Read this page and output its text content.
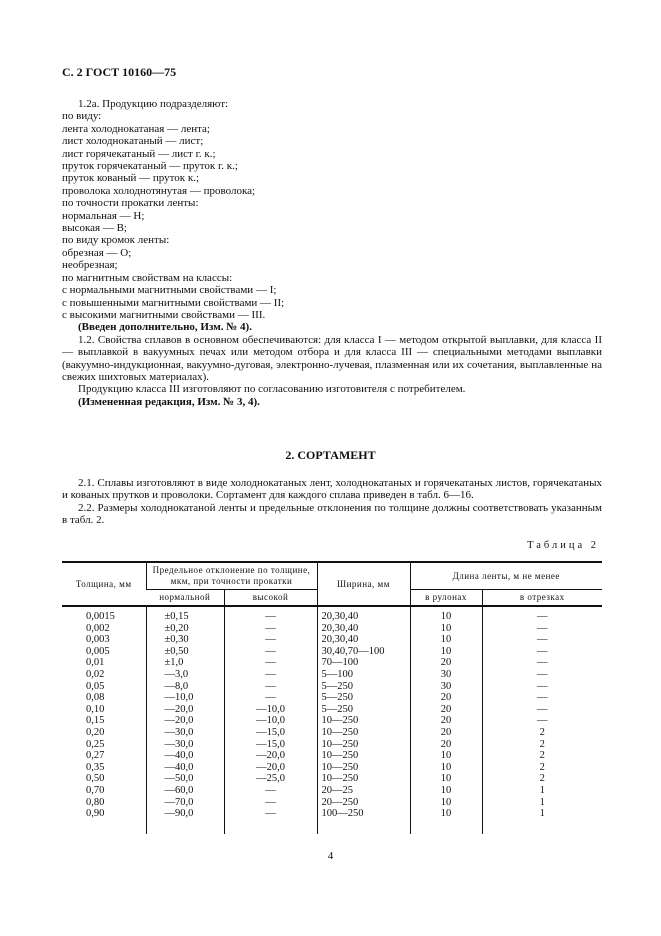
С. 2 ГОСТ 10160—75

1.2а. Продукцию подразделяют:

по виду:

лента холоднокатаная — лента;

лист холоднокатаный — лист;

лист горячекатаный — лист г. к.;

пруток горячекатаный — пруток г. к.;

пруток кованый — пруток к.;

проволока холоднотянутая — проволока;

по точности прокатки ленты:

нормальная — Н;

высокая — В;

по виду кромок ленты:

обрезная — О;

необрезная;

по магнитным свойствам на классы:

с нормальными магнитными свойствами — I;

с повышенными магнитными свойствами — II;

с высокими магнитными свойствами — III.

(Введен дополнительно, Изм. № 4).

1.2. Свойства сплавов в основном обеспечиваются: для класса I — методом открытой выплавки, для класса II — выплавкой в вакуумных печах или методом отбора и для класса III — специальными методами выплавки (вакуумно-индукционная, вакуумно-дуговая, электронно-лучевая, плазменная или их сочетания, выплавленные на свежих шихтовых материалах).

Продукцию класса III изготовляют по согласованию изготовителя с потребителем.

(Измененная редакция, Изм. № 3, 4).

2. СОРТАМЕНТ

2.1. Сплавы изготовляют в виде холоднокатаных лент, холоднокатаных и горячекатаных листов, горячекатаных и кованых прутков и проволоки. Сортамент для каждого сплава приведен в табл. 6—16.

2.2. Размеры холоднокатаной ленты и предельные отклонения по толщине должны соответствовать указанным в табл. 2.

Таблица 2
Толщина, мм	Предельное отклонение по толщине, мкм, при точности прокатки		Ширина, мм	Длина ленты, м не менее	
	нормальной	высокой		в рулонах	в отрезках
0,0015	±0,15	—	20,30,40	10	—
0,002	±0,20	—	20,30,40	10	—
0,003	±0,30	—	20,30,40	10	—
0,005	±0,50	—	30,40,70—100	10	—
0,01	±1,0	—	70—100	20	—
0,02	—3,0	—	5—100	30	—
0,05	—8,0	—	5—250	30	—
0,08	—10,0	—	5—250	20	—
0,10	—20,0	—10,0	5—250	20	—
0,15	—20,0	—10,0	10—250	20	—
0,20	—30,0	—15,0	10—250	20	2
0,25	—30,0	—15,0	10—250	20	2
0,27	—40,0	—20,0	10—250	10	2
0,35	—40,0	—20,0	10—250	10	2
0,50	—50,0	—25,0	10—250	10	2
0,70	—60,0	—	20—25	10	1
0,80	—70,0	—	20—250	10	1
0,90	—90,0	—	100—250	10	1
4
